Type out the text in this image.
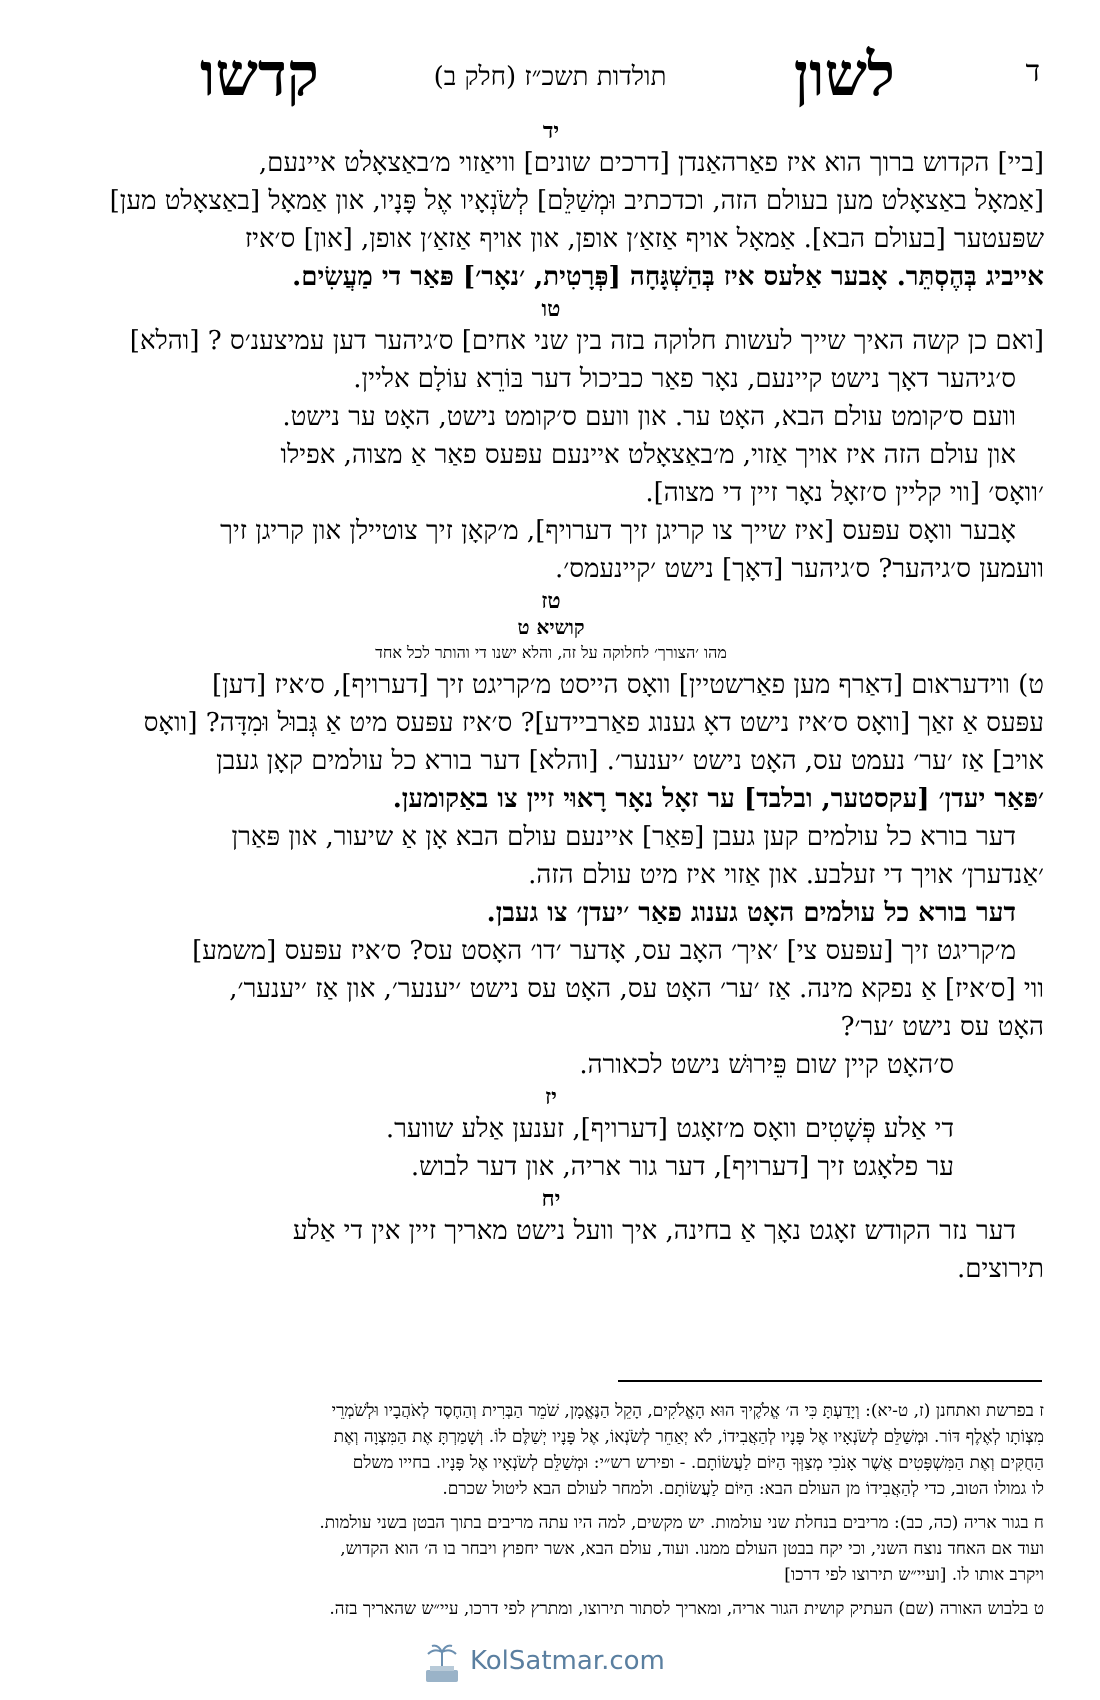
ד
לשון
תולדות תשכ״ז (חלק ב)
קדשו
יד
[ביי] הקדוש ברוך הוא איז פאַרהאַנדן [דרכים שונים] וויאַזוי מ׳באַצאָלט איינעם,
[אַמאָל באַצאָלט מען בעולם הזה, וכדכתיב וּמְשַׁלֵּם] לְשֹׂנְאָיו אֶל פָּנָיו, און אַמאָל [באַצאָלט מען]
שפּעטער [בעולם הבא]. אַמאָל אויף אַזאַ׳ן אופן, און אויף אַזאַ׳ן אופן, [און] ס׳איז
אייביג בְּהֶסְתֵּר. אָבער אַלעס איז בְּהַשְׁגָּחָה [פְּרָטִית, ׳נאָר׳] פּאַר די מַעֲשִׂים.
טו
[ואם כן קשה האיך שייך לעשות חלוקה בזה בין שני אחים] ס׳גיהער דען עמיצענ׳ס ? [והלא]
ס׳גיהער דאָך נישט קיינעם, נאָר פאַר כביכול דער בּוֹרֵא עוֹלָם אליין.
וועם ס׳קומט עולם הבא, האָט ער. און וועם ס׳קומט נישט, האָט ער נישט.
און עולם הזה איז אויך אַזוי, מ׳באַצאָלט איינעם עפּעס פאַר אַ מצוה, אפילו
׳וואָס׳ [ווי קליין ס׳זאָל נאָר זיין די מצוה].
אָבער וואָס עפּעס [איז שייך צו קריגן זיך דערויף], מ׳קאָן זיך צוטיילן און קריגן זיך
וועמען ס׳גיהער? ס׳גיהער [דאָך] נישט ׳קיינעמס׳.
טז
קושיא ט
מהו ׳הצורך׳ לחלוקה על זה, והלא ישנו די והותר לכל אחד
ט) ווידעראום [דאַרף מען פאַרשטיין] וואָס הייסט מ׳קריגט זיך [דערויף], ס׳איז [דען]
עפּעס אַ זאַך [וואָס ס׳איז נישט דאָ גענוג פאַרביידע]? ס׳איז עפּעס מיט אַ גְּבוּל וּמִדָּה? [וואָס
אויב] אַז ׳ער׳ נעמט עס, האָט נישט ׳יענער׳. [והלא] דער בורא כל עולמים קאָן געבן
׳פּאַר יעדן׳ [עקסטער, ובלבד] ער זאָל נאָר רָאוּי זיין צו באַקומען.
דער בורא כל עולמים קען געבן [פּאַר] איינעם עולם הבא אָן אַ שיעור, און פּאַרן
׳אַנדערן׳ אויך די זעלבע. און אַזוי איז מיט עולם הזה.
דער בורא כל עולמים האָט גענוג פאַר ׳יעדן׳ צו געבן.
מ׳קריגט זיך [עפּעס צי] ׳איך׳ האָב עס, אָדער ׳דו׳ האָסט עס? ס׳איז עפּעס [משמע]
ווי [ס׳איז] אַ נפקא מינה. אַז ׳ער׳ האָט עס, האָט עס נישט ׳יענער׳, און אַז ׳יענער׳,
האָט עס נישט ׳ער׳?
ס׳האָט קיין שום פֵּירוּשׁ נישט לכאורה.
יז
די אַלע פְּשָׁטִים וואָס מ׳זאָגט [דערויף], זענען אַלע שווער.
ער פלאָגט זיך [דערויף], דער גור אריה, און דער לבוש.
יח
דער נזר הקודש זאָגט נאָך אַ בחינה, איך וועל נישט מאריך זיין אין די אַלע
תירוצים.
ז בפרשת ואתחנן (ז, ט-יא): וְיָדַעְתָּ כִּי ה׳ אֱלֹקֶיךָ הוּא הָאֱלֹקִים, הָקֵל הַנֶּאֱמָן, שֹׁמֵר הַבְּרִית וְהַחֶסֶד לְאֹהֲבָיו וּלְשֹׁמְרֵי
מִצְוֹתָו לְאֶלֶף דּוֹר. וּמְשַׁלֵּם לְשֹׂנְאָיו אֶל פָּנָיו לְהַאֲבִידוֹ, לֹא יְאַחֵר לְשֹׂנְאוֹ, אֶל פָּנָיו יְשַׁלֶּם לוֹ. וְשָׁמַרְתָּ אֶת הַמִּצְוָה וְאֶת
הַחֻקִּים וְאֶת הַמִּשְׁפָּטִים אֲשֶׁר אָנֹכִי מְצַוְּךָ הַיּוֹם לַעֲשׂוֹתָם. - ופירש רש״י: וּמְשַׁלֵּם לְשֹׂנְאָיו אֶל פָּנָיו. בחייו משלם
לו גמולו הטוב, כדי לְהַאֲבִידוֹ מן העולם הבא: הַיּוֹם לַעֲשׂוֹתָם. ולמחר לעולם הבא ליטול שכרם.
ח בגור אריה (כה, כב): מריבים בנחלת שני עולמות. יש מקשים, למה היו עתה מריבים בתוך הבטן בשני עולמות.
ועוד אם האחד נוצח השני, וכי יקח בבטן העולם ממנו. ועוד, עולם הבא, אשר יחפוץ ויבחר בו ה׳ הוא הקדוש,
ויקרב אותו לו. [ועיי״ש תירוצו לפי דרכו]
ט בלבוש האורה (שם) העתיק קושית הגור אריה, ומאריך לסתור תירוצו, ומתרץ לפי דרכו, עיי״ש שהאריך בזה.
KolSatmar.com
